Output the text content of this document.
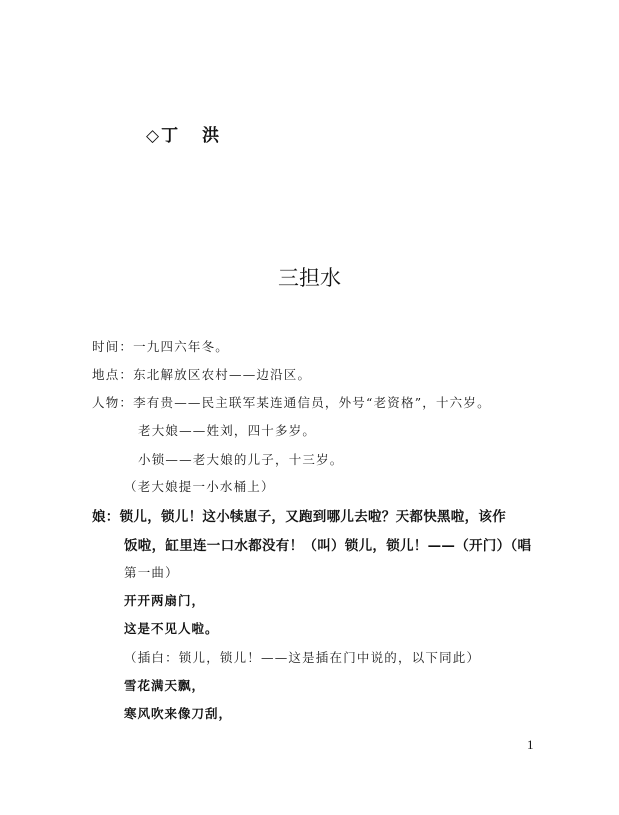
◇丁 洪
三担水
时间：一九四六年冬。
地点：东北解放区农村——边沿区。
人物：李有贵——民主联军某连通信员，外号“老资格”，十六岁。
老大娘——姓刘，四十多岁。
小锁——老大娘的儿子，十三岁。
（老大娘提一小水桶上）
娘：锁儿，锁儿！这小犊崽子，又跑到哪儿去啦？天都快黑啦，该作
饭啦，缸里连一口水都没有！（叫）锁儿，锁儿！——（开门）（唱
第一曲）
开开两扇门，
这是不见人啦。
（插白：锁儿，锁儿！——这是插在门中说的，以下同此）
雪花满天飘，
寒风吹来像刀刮，
1
